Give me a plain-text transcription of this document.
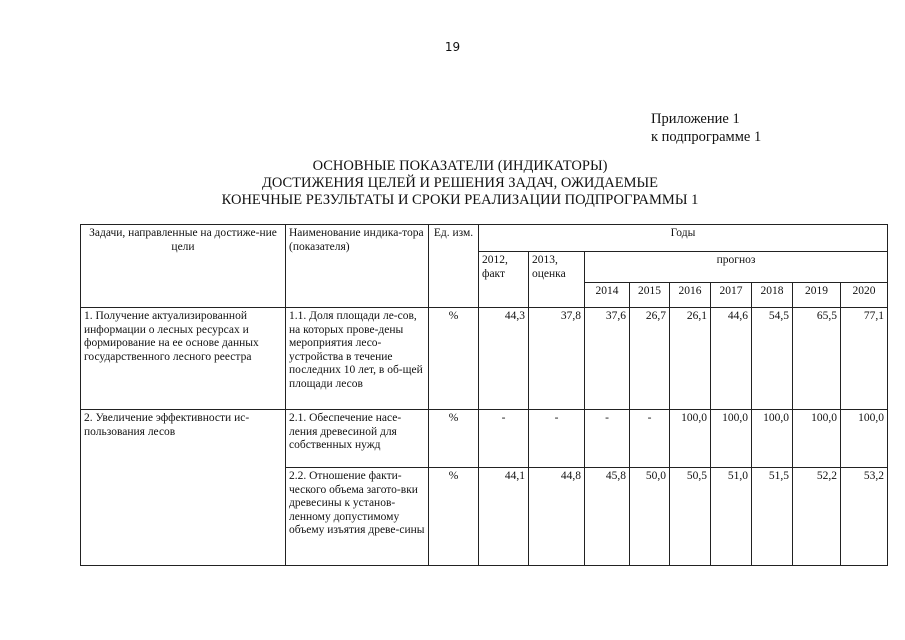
19
Приложение 1
к подпрограмме 1
ОСНОВНЫЕ ПОКАЗАТЕЛИ (ИНДИКАТОРЫ)
ДОСТИЖЕНИЯ ЦЕЛЕЙ И РЕШЕНИЯ ЗАДАЧ, ОЖИДАЕМЫЕ
КОНЕЧНЫЕ РЕЗУЛЬТАТЫ И СРОКИ РЕАЛИЗАЦИИ ПОДПРОГРАММЫ 1
Задачи, направленные на достиже-ние цели	Наименование индика-тора (показателя)	Ед. изм.	Годы								
			2012, факт	2013, оценка	прогноз						
					2014	2015	2016	2017	2018	2019	2020
1. Получение актуализированной информации о лесных ресурсах и формирование на ее основе данных государственного лесного реестра	1.1. Доля площади ле-сов, на которых прове-дены мероприятия лесо-устройства в течение последних 10 лет, в об-щей площади лесов	%	44,3	37,8	37,6	26,7	26,1	44,6	54,5	65,5	77,1
2. Увеличение эффективности ис-пользования лесов	2.1. Обеспечение насе-ления древесиной для собственных нужд	%	-	-	-	-	100,0	100,0	100,0	100,0	100,0
	2.2. Отношение факти-ческого объема загото-вки древесины к установ-ленному допустимому объему изъятия древе-сины	%	44,1	44,8	45,8	50,0	50,5	51,0	51,5	52,2	53,2
